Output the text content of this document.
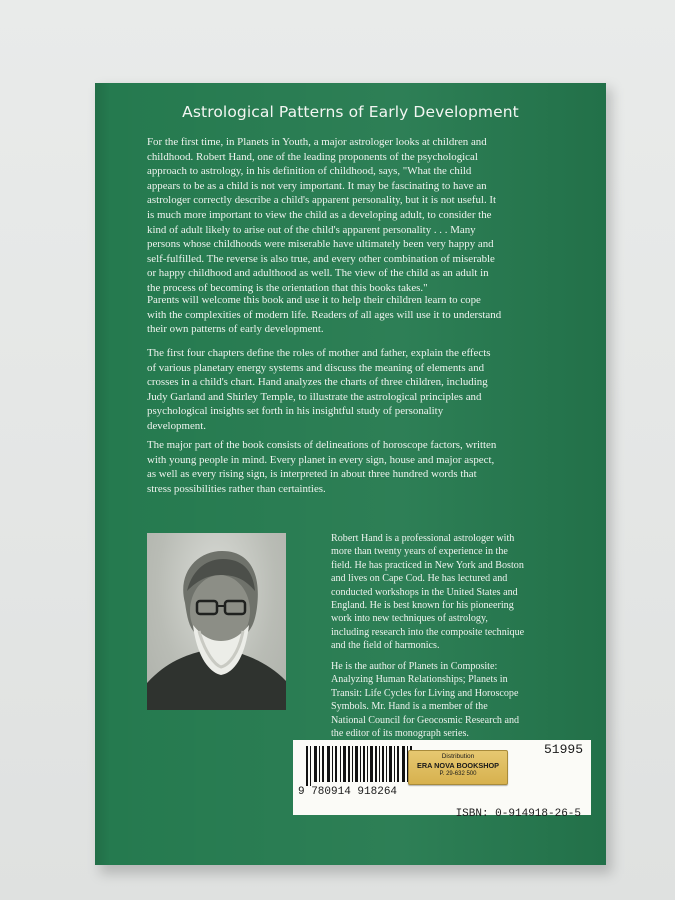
Astrological Patterns of Early Development
For the first time, in Planets in Youth, a major astrologer looks at children and
childhood. Robert Hand, one of the leading proponents of the psychological
approach to astrology, in his definition of childhood, says, "What the child
appears to be as a child is not very important. It may be fascinating to have an
astrologer correctly describe a child's apparent personality, but it is not useful. It
is much more important to view the child as a developing adult, to consider the
kind of adult likely to arise out of the child's apparent personality . . . Many
persons whose childhoods were miserable have ultimately been very happy and
self-fulfilled. The reverse is also true, and every other combination of miserable
or happy childhood and adulthood as well. The view of the child as an adult in
the process of becoming is the orientation that this books takes."
Parents will welcome this book and use it to help their children learn to cope
with the complexities of modern life. Readers of all ages will use it to understand
their own patterns of early development.
The first four chapters define the roles of mother and father, explain the effects
of various planetary energy systems and discuss the meaning of elements and
crosses in a child's chart. Hand analyzes the charts of three children, including
Judy Garland and Shirley Temple, to illustrate the astrological principles and
psychological insights set forth in his insightful study of personality
development.
The major part of the book consists of delineations of horoscope factors, written
with young people in mind. Every planet in every sign, house and major aspect,
as well as every rising sign, is interpreted in about three hundred words that
stress possibilities rather than certainties.
Robert Hand is a professional astrologer with
more than twenty years of experience in the
field. He has practiced in New York and Boston
and lives on Cape Cod. He has lectured and
conducted workshops in the United States and
England. He is best known for his pioneering
work into new techniques of astrology,
including research into the composite technique
and the field of harmonics.
He is the author of Planets in Composite:
Analyzing Human Relationships; Planets in
Transit: Life Cycles for Living and Horoscope
Symbols. Mr. Hand is a member of the
National Council for Geocosmic Research and
the editor of its monograph series.
51995
Distribution
ERA NOVA BOOKSHOP
P. 29-632 500
9 780914 918264
ISBN: 0-914918-26-5
